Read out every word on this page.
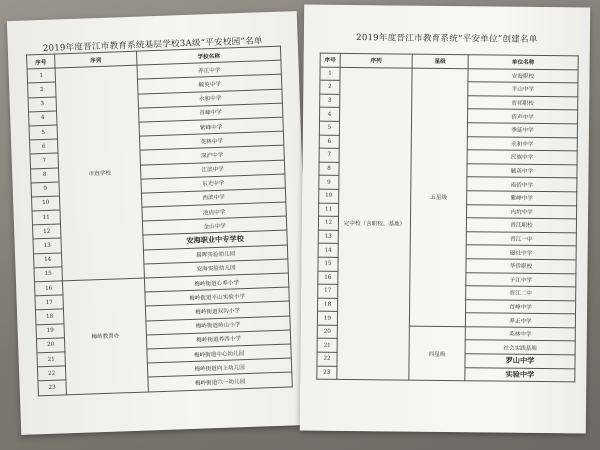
2019年度晋江市教育系统基层学校3A级“平安校园”名单
序号	序列	学校名称
1	市直学校	养正中学
2		毓英中学
3		永和中学
4		首峰中学
5		紫峰中学
6		英林中学
7		深沪中学
8		江滨中学
9		东光中学
10		西滨中学
11		池店中学
12		金山中学
13		安海职业中专学校
14		晨晖实验幼儿园
15		安海实验幼儿园
16	梅岭教育办	梅岭街道心养小学
17		梅岭街道平山实验小学
18		梅岭街道双沟小学
19		梅岭街道岭山小学
20		梅岭街道养西小学
21		梅岭街道中心幼儿园
22		梅岭街道向上幼儿园
23		梅岭街道六一幼儿园
2019年度晋江市教育系统“平安单位”创建名单
序号	序列	星级	单位名称
1	完中校（含职校、基地）	五星级	安海职校
2			平山中学
3			晋邦职校
4			侨声中学
5			季延中学
6			永和中学
7			民族中学
8			毓英中学
9			南侨中学
10			紫峰中学
11			内坑中学
12			晋江职校
13			晋江一中
14			磁灶中学
15			华侨职校
16			子江中学
17			晋江二中
18			首峰中学
19			养正中学
20		四星级	英林中学
21			社会实践基地
22			罗山中学
23			实验中学
